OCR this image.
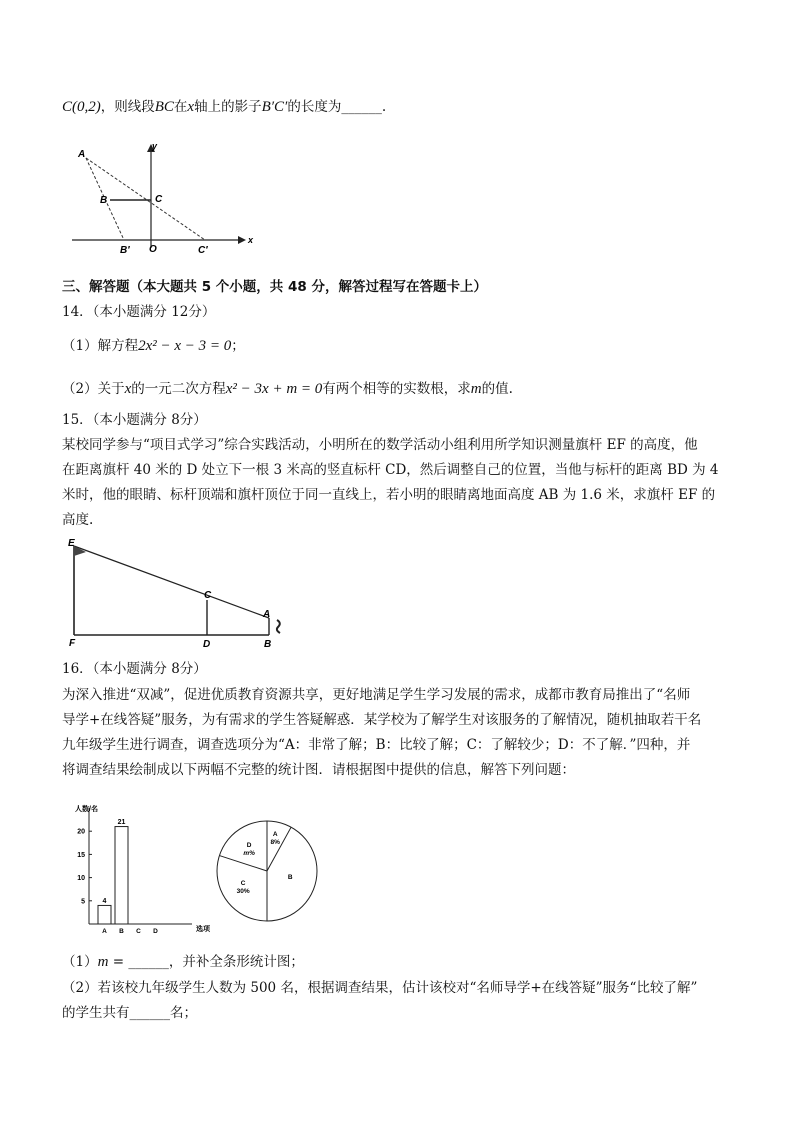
C(0,2)，则线段BC在x轴上的影子B′C′的长度为______.
A
B	C
y
x
O
B′	C′
三、解答题（本大题共 5 个小题，共 48 分，解答过程写在答题卡上）
14．（本小题满分 12分）
（1）解方程2x² − x − 3 = 0；
（2）关于x的一元二次方程x² − 3x + m = 0有两个相等的实数根，求m的值.
15．（本小题满分 8分）
某校同学参与“项目式学习”综合实践活动，小明所在的数学活动小组利用所学知识测量旗杆 EF 的高度，他
在距离旗杆 40 米的 D 处立下一根 3 米高的竖直标杆 CD，然后调整自己的位置，当他与标杆的距离 BD 为 4
米时，他的眼睛、标杆顶端和旗杆顶位于同一直线上，若小明的眼睛离地面高度 AB 为 1.6 米，求旗杆 EF 的
高度.
E
F
C
D
A
B
16．（本小题满分 8分）
为深入推进“双减”，促进优质教育资源共享，更好地满足学生学习发展的需求，成都市教育局推出了“名师
导学+在线答疑”服务，为有需求的学生答疑解惑．某学校为了解学生对该服务的了解情况，随机抽取若干名
九年级学生进行调查，调查选项分为“A：非常了解；B：比较了解；C：了解较少；D：不了解．”四种，并
将调查结果绘制成以下两幅不完整的统计图．请根据图中提供的信息，解答下列问题：
人数/名
选项
5
10
15
20
A
4
B
21
C D
A
8%
B
C
30%
D
m%
（1）m = ______，并补全条形统计图；
（2）若该校九年级学生人数为 500 名，根据调查结果，估计该校对“名师导学+在线答疑”服务“比较了解”
的学生共有______名；
